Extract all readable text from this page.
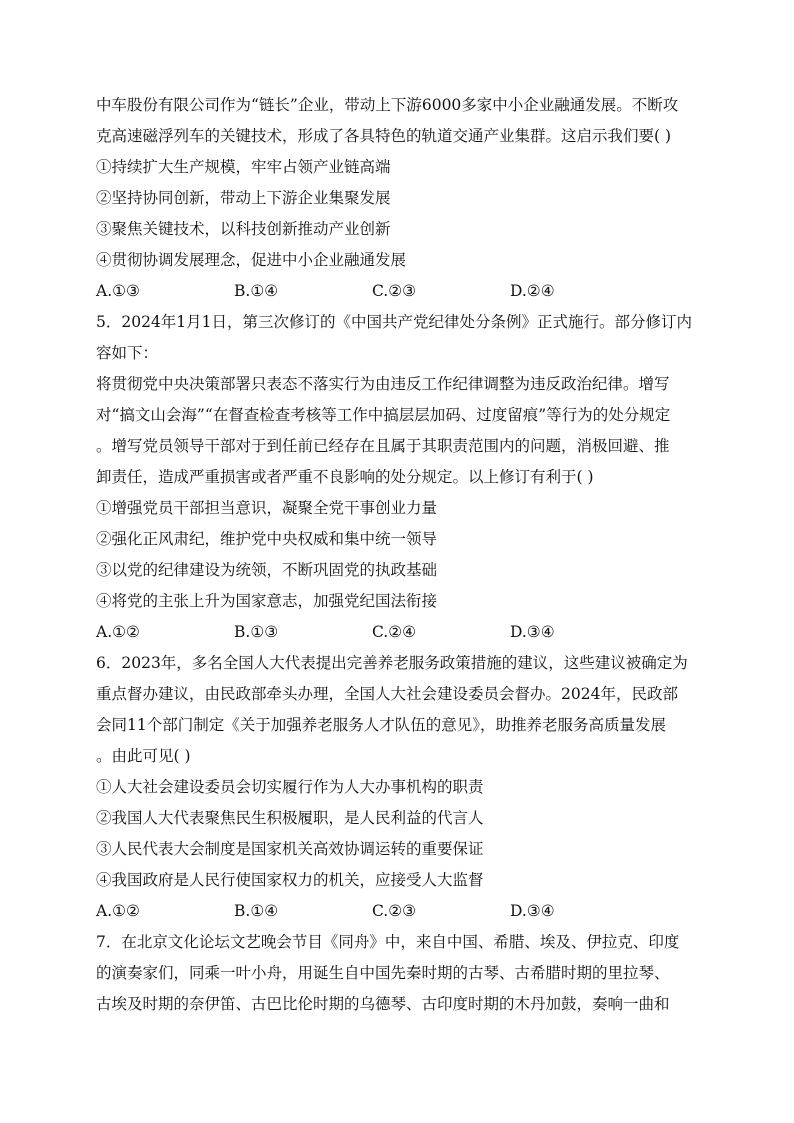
中车股份有限公司作为“链长”企业，带动上下游6000多家中小企业融通发展。不断攻
克高速磁浮列车的关键技术，形成了各具特色的轨道交通产业集群。这启示我们要( )
①持续扩大生产规模，牢牢占领产业链高端
②坚持协同创新，带动上下游企业集聚发展
③聚焦关键技术，以科技创新推动产业创新
④贯彻协调发展理念，促进中小企业融通发展
A.①③	B.①④	C.②③	D.②④
5．2024年1月1日，第三次修订的《中国共产党纪律处分条例》正式施行。部分修订内
容如下：
将贯彻党中央决策部署只表态不落实行为由违反工作纪律调整为违反政治纪律。增写
对“搞文山会海”“在督查检查考核等工作中搞层层加码、过度留痕”等行为的处分规定
。增写党员领导干部对于到任前已经存在且属于其职责范围内的问题，消极回避、推
卸责任，造成严重损害或者严重不良影响的处分规定。以上修订有利于( )
①增强党员干部担当意识，凝聚全党干事创业力量
②强化正风肃纪，维护党中央权威和集中统一领导
③以党的纪律建设为统领，不断巩固党的执政基础
④将党的主张上升为国家意志，加强党纪国法衔接
A.①②	B.①③	C.②④	D.③④
6．2023年，多名全国人大代表提出完善养老服务政策措施的建议，这些建议被确定为
重点督办建议，由民政部牵头办理，全国人大社会建设委员会督办。2024年，民政部
会同11个部门制定《关于加强养老服务人才队伍的意见》，助推养老服务高质量发展
。由此可见( )
①人大社会建设委员会切实履行作为人大办事机构的职责
②我国人大代表聚焦民生积极履职，是人民利益的代言人
③人民代表大会制度是国家机关高效协调运转的重要保证
④我国政府是人民行使国家权力的机关，应接受人大监督
A.①②	B.①④	C.②③	D.③④
7．在北京文化论坛文艺晚会节目《同舟》中，来自中国、希腊、埃及、伊拉克、印度
的演奏家们，同乘一叶小舟，用诞生自中国先秦时期的古琴、古希腊时期的里拉琴、
古埃及时期的奈伊笛、古巴比伦时期的乌德琴、古印度时期的木丹加鼓，奏响一曲和
